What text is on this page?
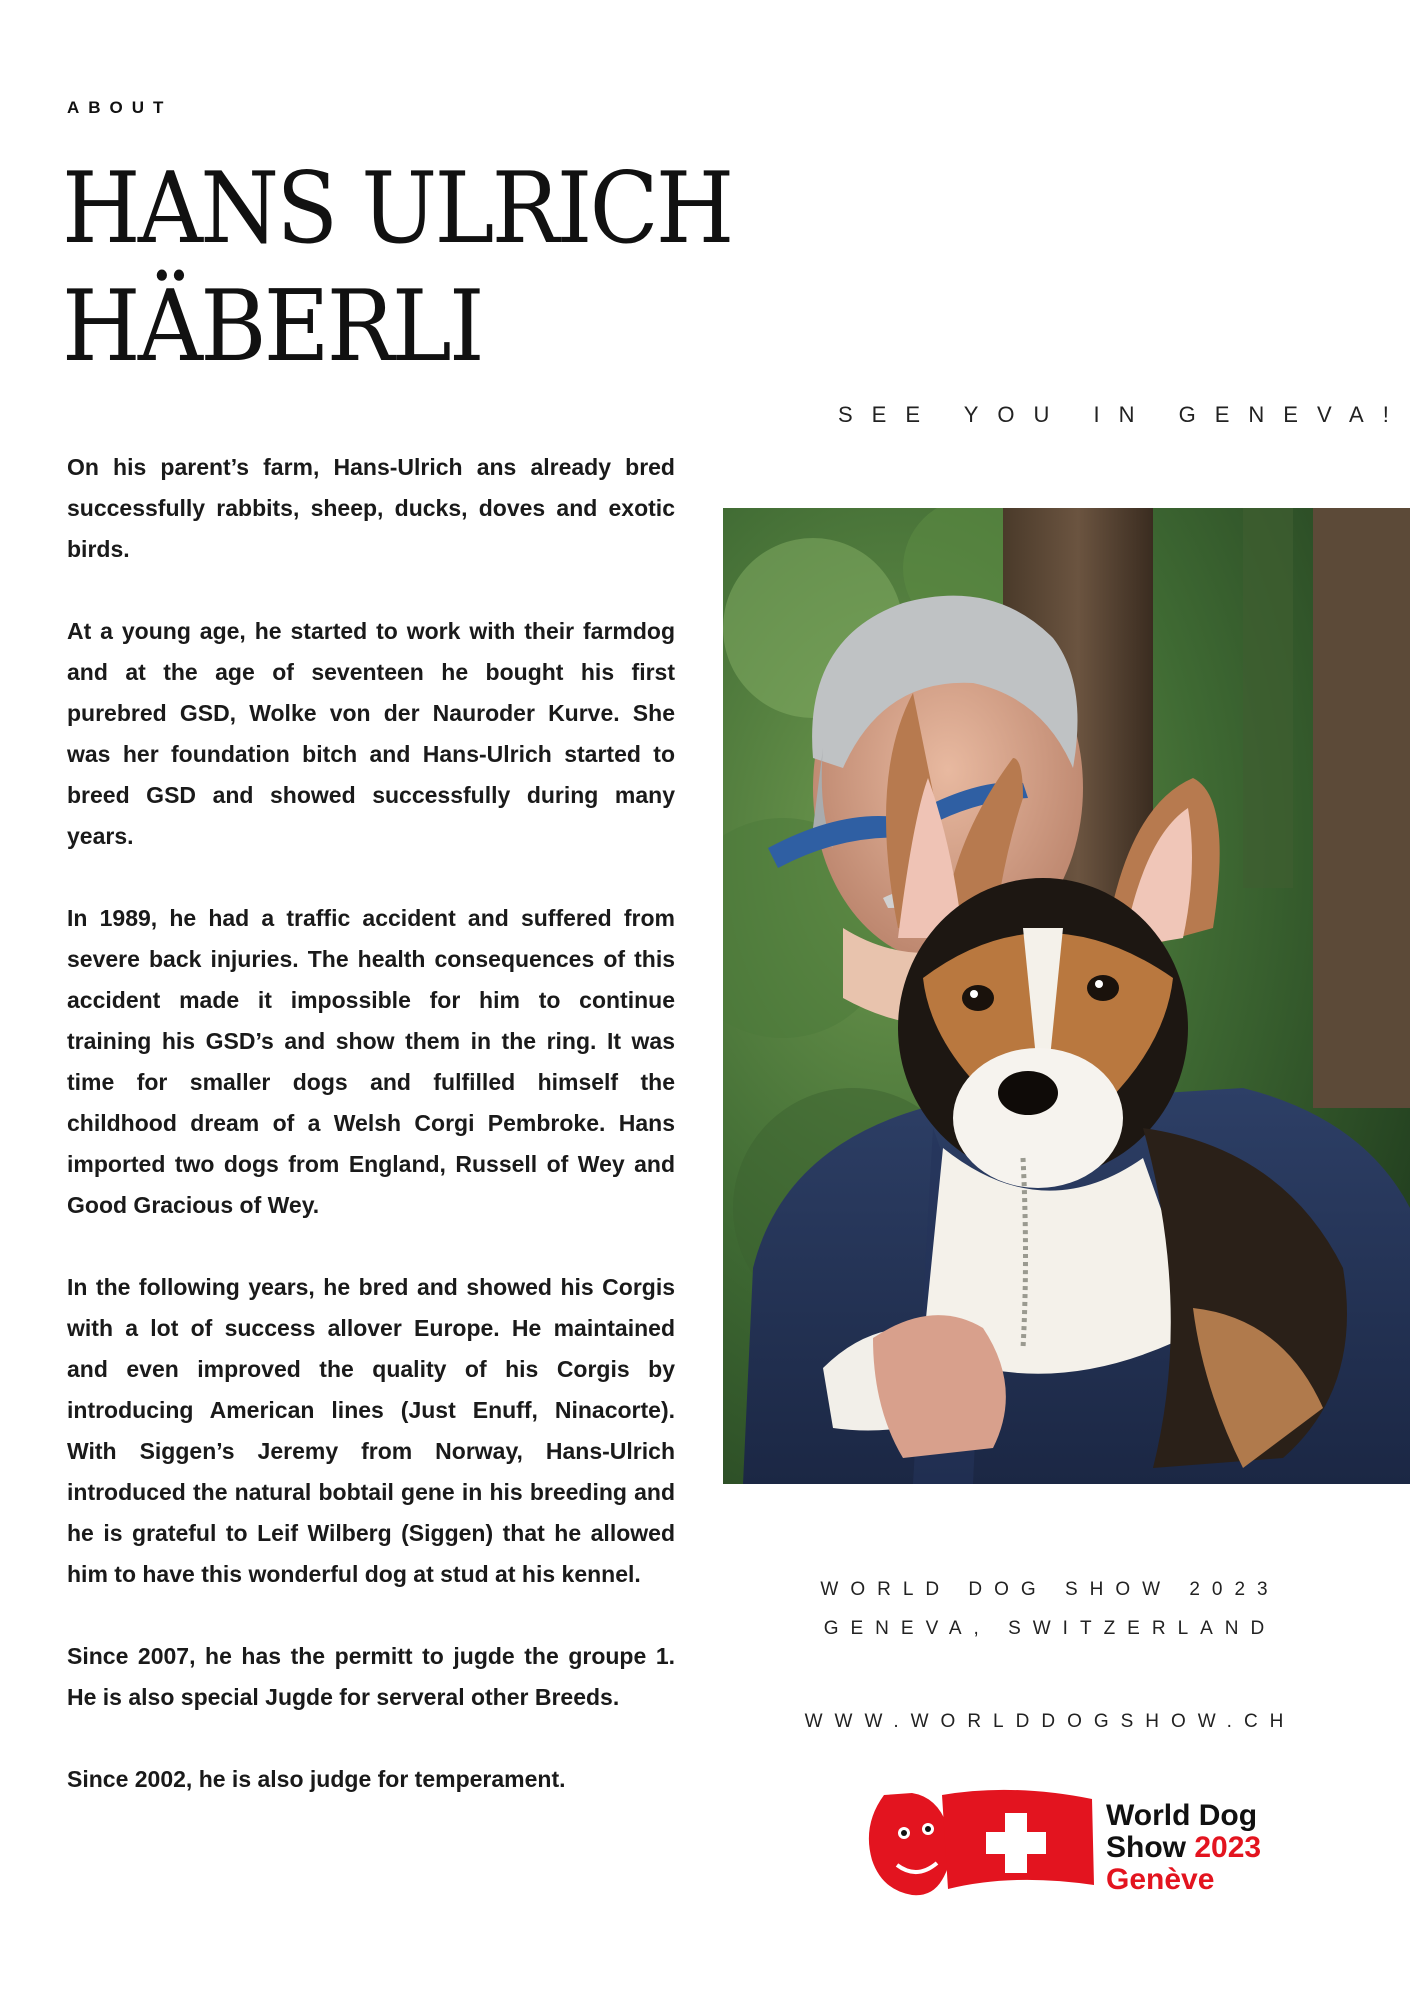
ABOUT
HANS ULRICH
HÄBERLI
SEE YOU IN GENEVA!

On his parent’s farm, Hans-Ulrich ans already bred successfully rabbits, sheep, ducks, doves and exotic birds.

At a young age, he started to work with their farmdog and at the age of seventeen he bought his first purebred GSD, Wolke von der Nauroder Kurve. She was her foundation bitch and Hans-Ulrich started to breed GSD and showed successfully during many years.

In 1989, he had a traffic accident and suffered from severe back injuries. The health consequences of this accident made it impossible for him to continue training his GSD’s and show them in the ring. It was time for smaller dogs and fulfilled himself the childhood dream of a Welsh Corgi Pembroke. Hans imported two dogs from England, Russell of Wey and Good Gracious of Wey.

In the following years, he bred and showed his Corgis with a lot of success allover Europe. He maintained and even improved the quality of his Corgis by introducing American lines (Just Enuff, Ninacorte). With Siggen’s Jeremy from Norway, Hans-Ulrich introduced the natural bobtail gene in his breeding and he is grateful to Leif Wilberg (Siggen) that he allowed him to have this wonderful dog at stud at his kennel.

Since 2007, he has the permitt to jugde the groupe 1. He is also special Jugde for serveral other Breeds.

Since 2002, he is also judge for temperament.

WORLD DOG SHOW 2023
GENEVA, SWITZERLAND
WWW.WORLDDOGSHOW.CH
World Dog
Show 2023
Genève
